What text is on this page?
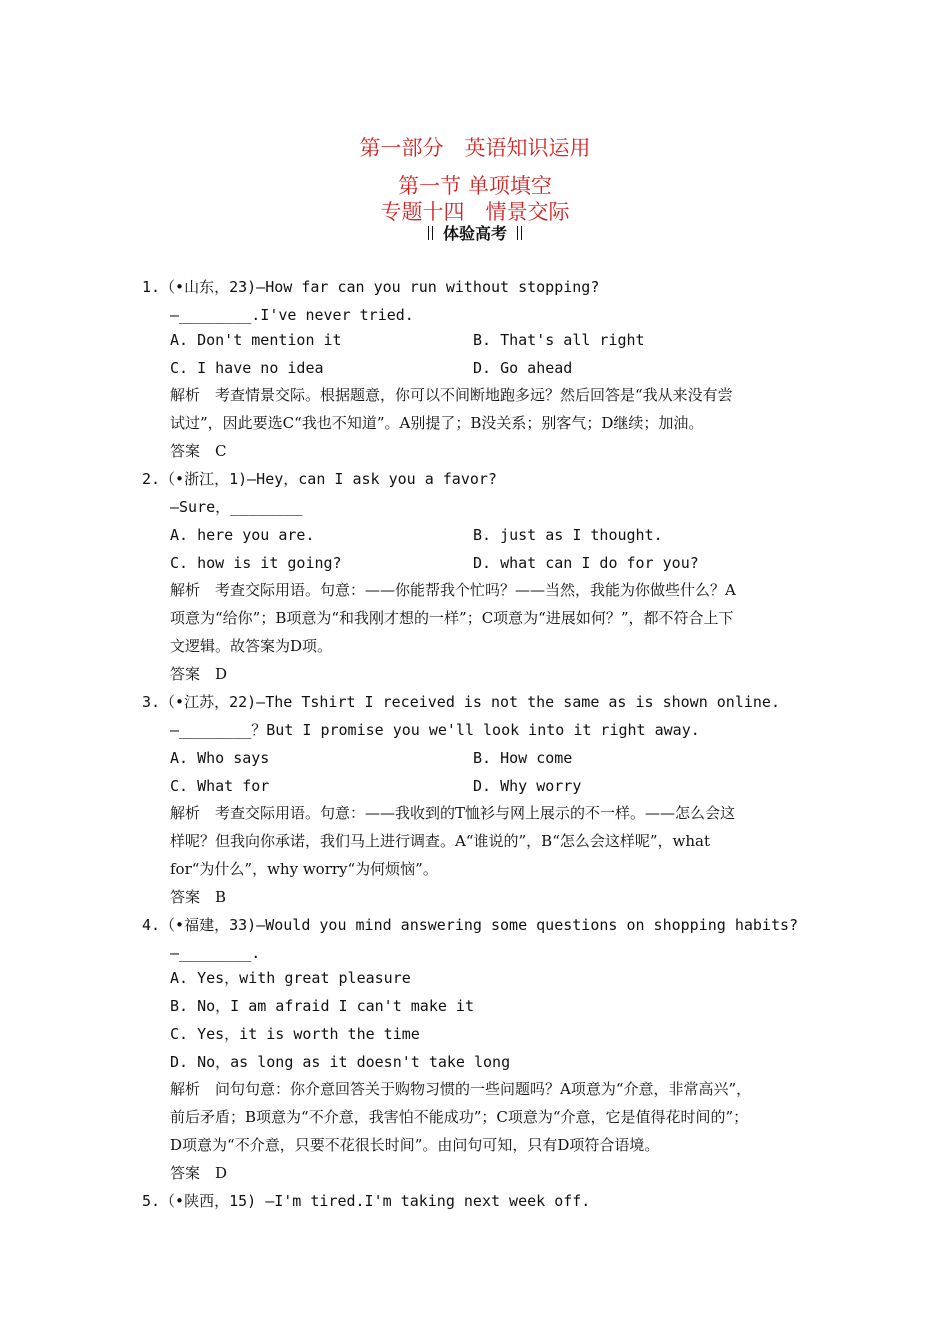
第一部分　英语知识运用
第一节 单项填空
专题十四　情景交际
体验高考
1.（•山东，23)—How far can you run without stopping?
—________.I've never tried.
A. Don't mention it	B. That's all right
C. I have no idea	D. Go ahead
解析　考查情景交际。根据题意，你可以不间断地跑多远？然后回答是“我从来没有尝
试过”，因此要选C“我也不知道”。A别提了；B没关系；别客气；D继续；加油。
答案　C
2.（•浙江，1)—Hey，can I ask you a favor?
—Sure，________
A. here you are.	B. just as I thought.
C. how is it going?	D. what can I do for you?
解析　考查交际用语。句意：——你能帮我个忙吗？——当然，我能为你做些什么？A
项意为“给你”；B项意为“和我刚才想的一样”；C项意为“进展如何？”，都不符合上下
文逻辑。故答案为D项。
答案　D
3.（•江苏，22)—The Tshirt I received is not the same as is shown online.
—________？But I promise you we'll look into it right away.
A. Who says	B. How come
C. What for	D. Why worry
解析　考查交际用语。句意：——我收到的T恤衫与网上展示的不一样。——怎么会这
样呢？但我向你承诺，我们马上进行调查。A“谁说的”，B“怎么会这样呢”，what
for“为什么”，why worry“为何烦恼”。
答案　B
4.（•福建，33)—Would you mind answering some questions on shopping habits?
—________.
A. Yes，with great pleasure
B. No，I am afraid I can't make it
C. Yes，it is worth the time
D. No，as long as it doesn't take long
解析　问句句意：你介意回答关于购物习惯的一些问题吗？A项意为“介意，非常高兴”，
前后矛盾；B项意为“不介意，我害怕不能成功”；C项意为“介意，它是值得花时间的”；
D项意为“不介意，只要不花很长时间”。由问句可知，只有D项符合语境。
答案　D
5.（•陕西，15) —I'm tired.I'm taking next week off.
